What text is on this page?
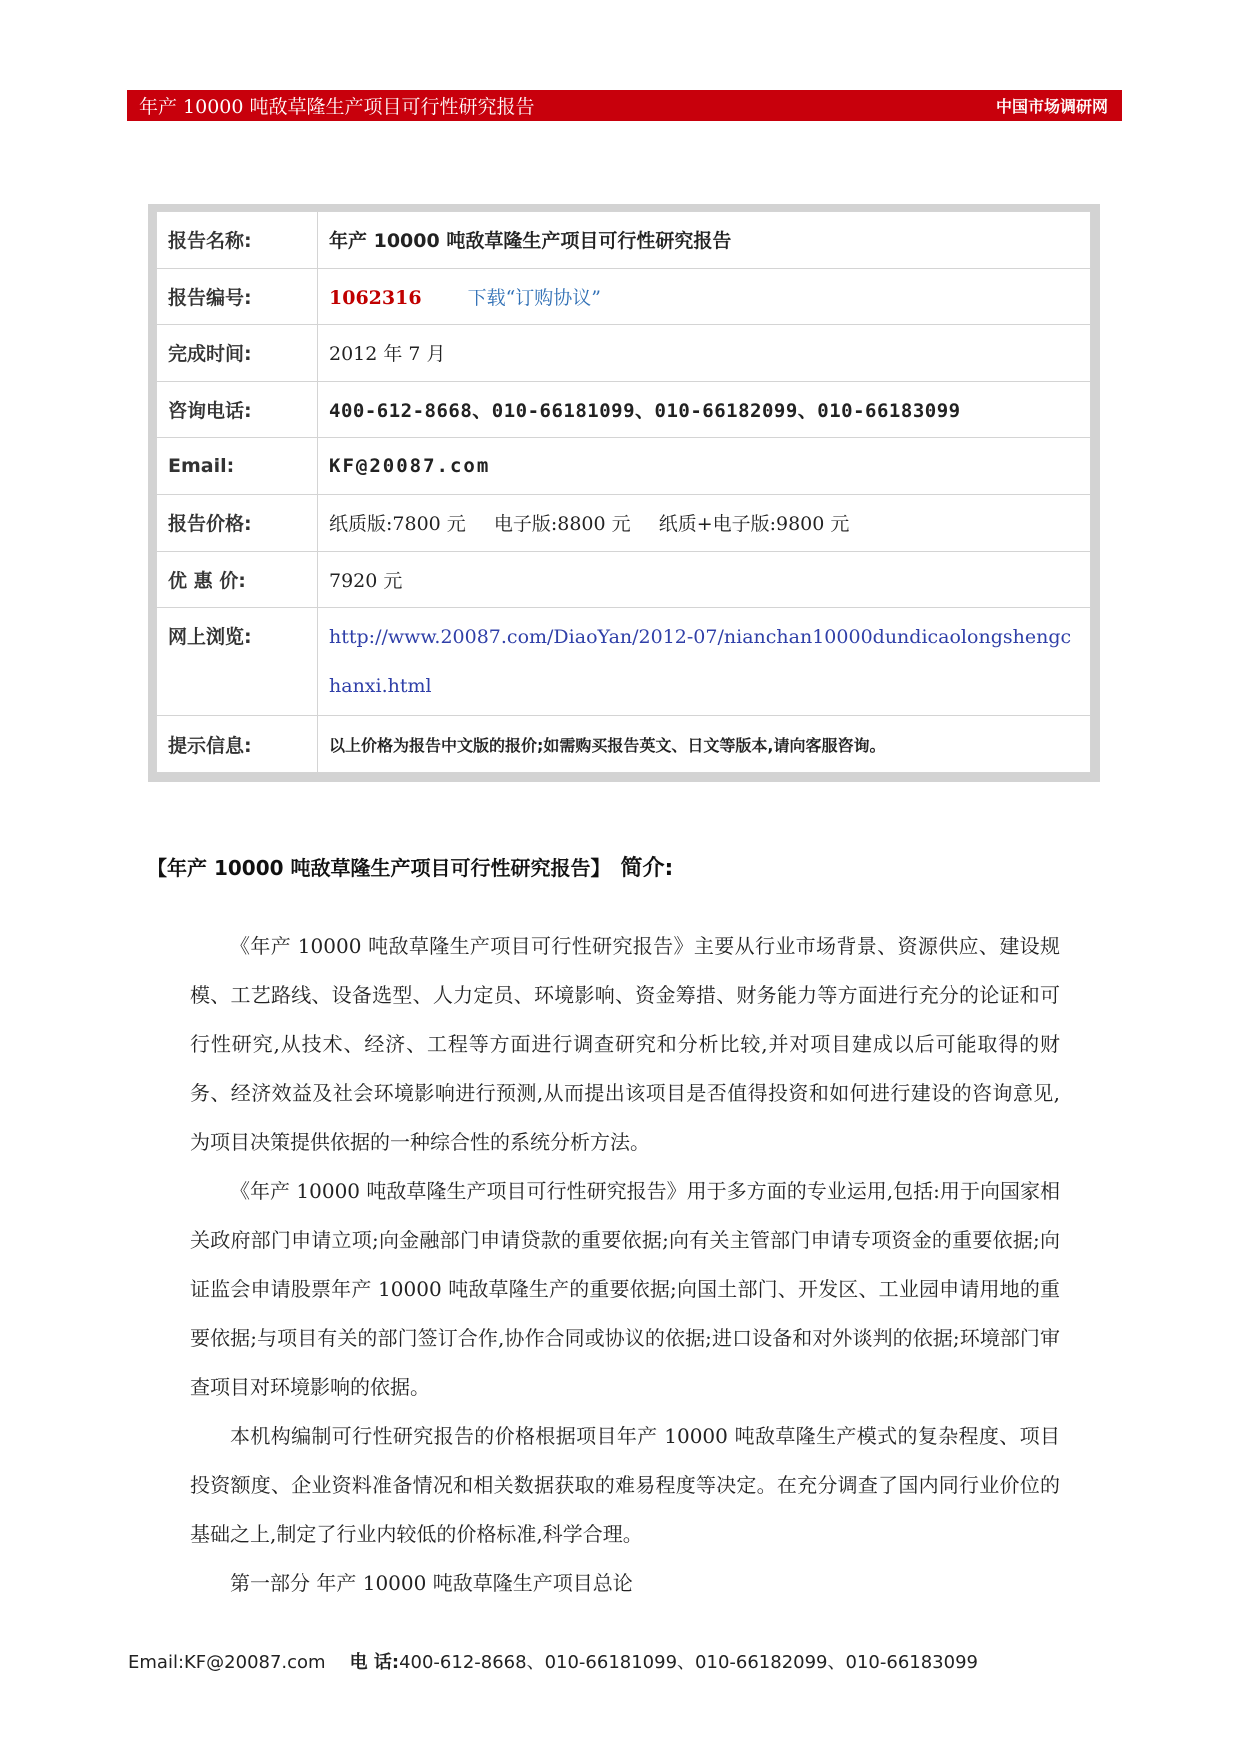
年产 10000 吨敌草隆生产项目可行性研究报告	中国市场调研网
报告名称:	年产 10000 吨敌草隆生产项目可行性研究报告
报告编号:	1062316 下载“订购协议”
完成时间:	2012 年 7 月
咨询电话:	400-612-8668、010-66181099、010-66182099、010-66183099
Email:	KF@20087.com
报告价格:	纸质版:7800 元 电子版:8800 元 纸质+电子版:9800 元
优 惠 价:	7920 元
网上浏览:	http://www.20087.com/DiaoYan/2012-07/nianchan10000dundicaolongshengchanxi.html
提示信息:	以上价格为报告中文版的报价;如需购买报告英文、日文等版本,请向客服咨询。
【年产 10000 吨敌草隆生产项目可行性研究报告】 简介:

《年产 10000 吨敌草隆生产项目可行性研究报告》主要从行业市场背景、资源供应、建设规模、工艺路线、设备选型、人力定员、环境影响、资金筹措、财务能力等方面进行充分的论证和可行性研究,从技术、经济、工程等方面进行调查研究和分析比较,并对项目建成以后可能取得的财务、经济效益及社会环境影响进行预测,从而提出该项目是否值得投资和如何进行建设的咨询意见,为项目决策提供依据的一种综合性的系统分析方法。

《年产 10000 吨敌草隆生产项目可行性研究报告》用于多方面的专业运用,包括:用于向国家相关政府部门申请立项;向金融部门申请贷款的重要依据;向有关主管部门申请专项资金的重要依据;向证监会申请股票年产 10000 吨敌草隆生产的重要依据;向国土部门、开发区、工业园申请用地的重要依据;与项目有关的部门签订合作,协作合同或协议的依据;进口设备和对外谈判的依据;环境部门审查项目对环境影响的依据。

本机构编制可行性研究报告的价格根据项目年产 10000 吨敌草隆生产模式的复杂程度、项目投资额度、企业资料准备情况和相关数据获取的难易程度等决定。在充分调查了国内同行业价位的基础之上,制定了行业内较低的价格标准,科学合理。

第一部分 年产 10000 吨敌草隆生产项目总论

Email:KF@20087.com 电 话:400-612-8668、010-66181099、010-66182099、010-66183099
